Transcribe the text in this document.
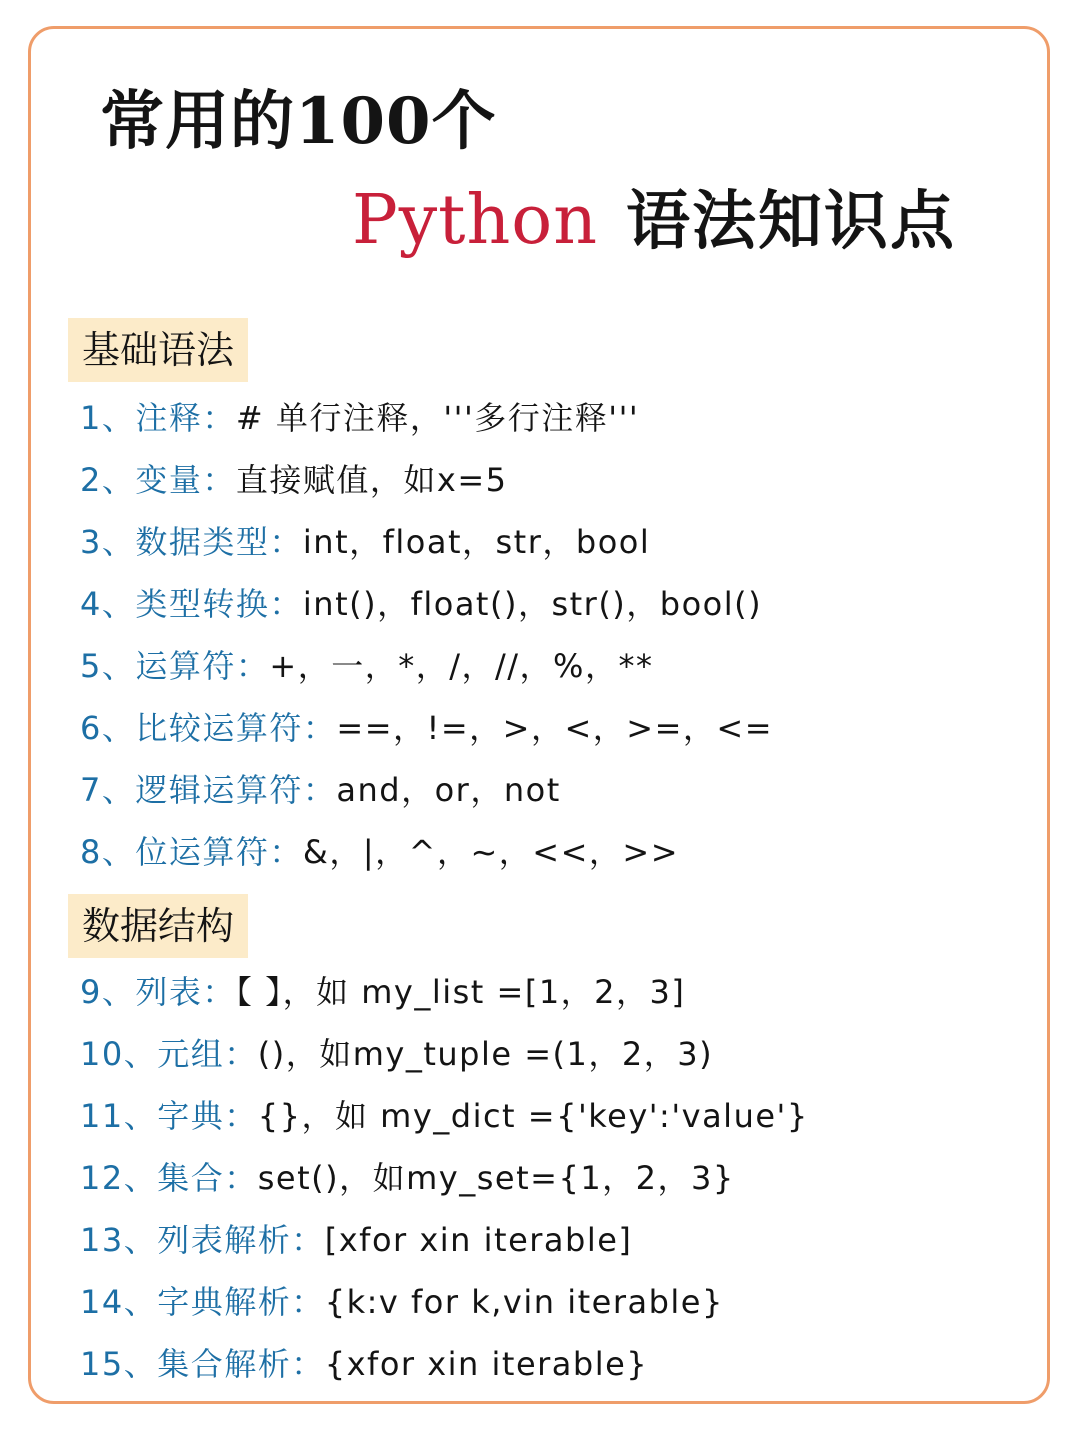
常用的100个
Python 语法知识点
基础语法
1、注释：# 单行注释，'''多行注释'''
2、变量：直接赋值，如x=5
3、数据类型：int，float，str，bool
4、类型转换：int()，float()，str()，bool()
5、运算符：+，一，*，/，//，%，**
6、比较运算符：==，!=，>，<，>=，<=
7、逻辑运算符：and，or，not
8、位运算符：&，|，^，~，<<，>>
数据结构
9、列表：【 】，如 my_list =[1，2，3]
10、元组：()，如my_tuple =(1，2，3)
11、字典：{}，如 my_dict ={'key':'value'}
12、集合：set()，如my_set={1，2，3}
13、列表解析：[xfor xin iterable]
14、字典解析：{k:v for k,vin iterable}
15、集合解析：{xfor xin iterable}
